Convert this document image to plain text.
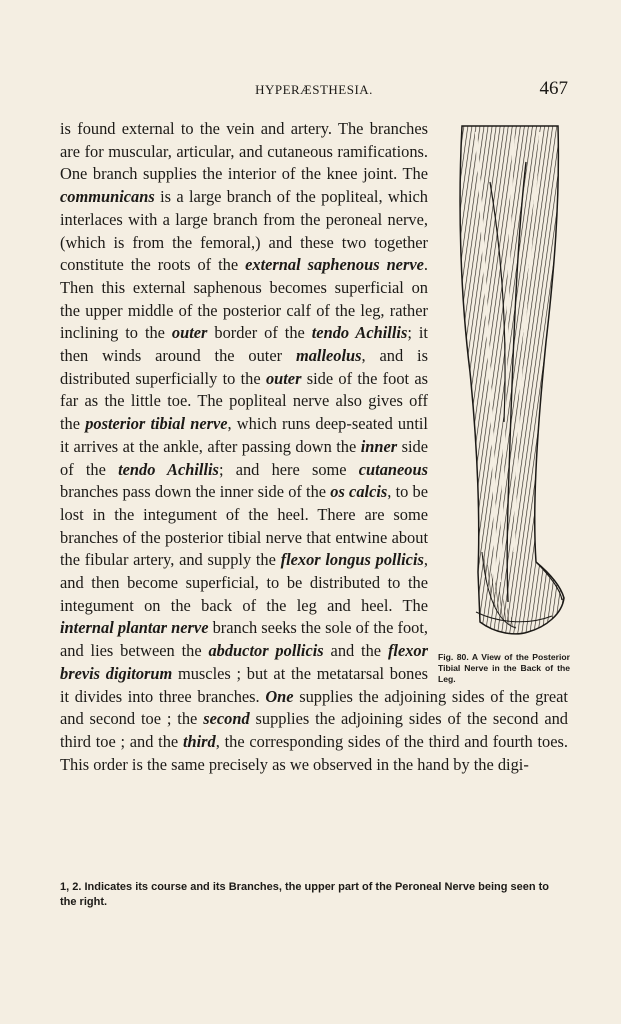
HYPERÆSTHESIA.	467
Fig. 80. A View of the Posterior Tibial Nerve in the Back of the Leg.
is found external to the vein and artery. The branches are for muscular, articular, and cutaneous ramifications. One branch supplies the interior of the knee joint. The communicans is a large branch of the popliteal, which interlaces with a large branch from the peroneal nerve, (which is from the femoral,) and these two together constitute the roots of the external saphenous nerve. Then this external saphenous becomes superficial on the upper middle of the posterior calf of the leg, rather inclining to the outer border of the tendo Achillis; it then winds around the outer malleolus, and is distributed superficially to the outer side of the foot as far as the little toe. The popliteal nerve also gives off the posterior tibial nerve, which runs deep-seated until it arrives at the ankle, after passing down the inner side of the tendo Achillis; and here some cutaneous branches pass down the inner side of the os calcis, to be lost in the integument of the heel. There are some branches of the posterior tibial nerve that entwine about the fibular artery, and supply the flexor longus pollicis, and then become superficial, to be distributed to the integument on the back of the leg and heel. The internal plantar nerve branch seeks the sole of the foot, and lies between the abductor pollicis and the flexor brevis digitorum muscles ; but at the metatarsal bones it divides into three branches. One supplies the adjoining sides of the great and second toe ; the second supplies the adjoining sides of the second and third toe ; and the third, the corresponding sides of the third and fourth toes. This order is the same precisely as we observed in the hand by the digi-
1, 2. Indicates its course and its Branches, the upper part of the Peroneal Nerve being seen to the right.
